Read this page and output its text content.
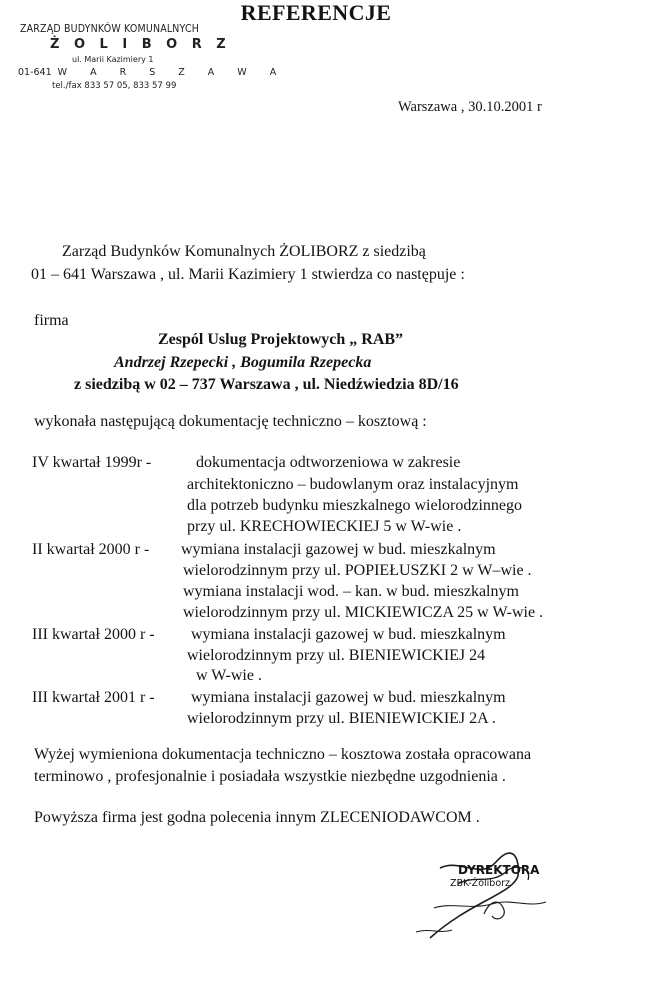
ZARZĄD BUDYNKÓW KOMUNALNYCH
Ż O L I B O R Z
ul. Marii Kazimiery 1
01-641 W A R S Z A W A
tel./fax 833 57 05, 833 57 99
Warszawa , 30.10.2001 r
REFERENCJE
Zarząd Budynków Komunalnych ŻOLIBORZ z siedzibą
01 – 641 Warszawa , ul. Marii Kazimiery 1 stwierdza co następuje :
firma
Zespól Uslug Projektowych „ RAB”
Andrzej Rzepecki , Bogumila Rzepecka
z siedzibą w 02 – 737 Warszawa , ul. Niedźwiedzia 8D/16
wykonała następującą dokumentację techniczno – kosztową :
IV kwartał 1999r -	dokumentacja odtworzeniowa w zakresie
architektoniczno – budowlanym oraz instalacyjnym
dla potrzeb budynku mieszkalnego wielorodzinnego
przy ul. KRECHOWIECKIEJ 5 w W-wie .
II kwartał 2000 r - wymiana instalacji gazowej w bud. mieszkalnym
wielorodzinnym przy ul. POPIEŁUSZKI 2 w W–wie .
wymiana instalacji wod. – kan. w bud. mieszkalnym
wielorodzinnym przy ul. MICKIEWICZA 25 w W-wie .
III kwartał 2000 r - wymiana instalacji gazowej w bud. mieszkalnym
wielorodzinnym przy ul. BIENIEWICKIEJ 24
w W-wie .
III kwartał 2001 r - wymiana instalacji gazowej w bud. mieszkalnym
wielorodzinnym przy ul. BIENIEWICKIEJ 2A .
Wyżej wymieniona dokumentacja techniczno – kosztowa została opracowana
terminowo , profesjonalnie i posiadała wszystkie niezbędne uzgodnienia .
Powyższa firma jest godna polecenia innym ZLECENIODAWCOM .
DYREKTORA
ZBK-Żoliborz
